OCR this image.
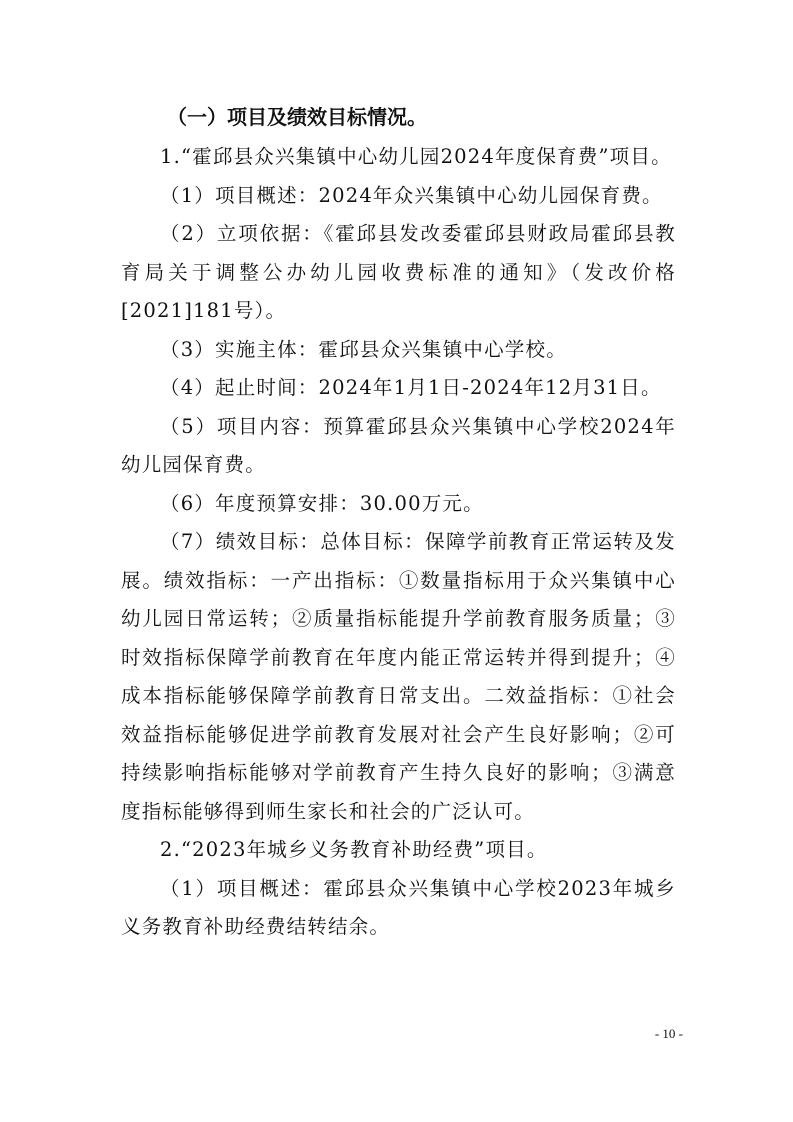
（一）项目及绩效目标情况。

1.“霍邱县众兴集镇中心幼儿园2024年度保育费”项目。

（1）项目概述：2024年众兴集镇中心幼儿园保育费。

（2）立项依据：《霍邱县发改委霍邱县财政局霍邱县教育局关于调整公办幼儿园收费标准的通知》（发改价格[2021]181号）。

（3）实施主体：霍邱县众兴集镇中心学校。

（4）起止时间：2024年1月1日-2024年12月31日。

（5）项目内容：预算霍邱县众兴集镇中心学校2024年幼儿园保育费。

（6）年度预算安排：30.00万元。

（7）绩效目标：总体目标：保障学前教育正常运转及发展。绩效指标：一产出指标：①数量指标用于众兴集镇中心幼儿园日常运转；②质量指标能提升学前教育服务质量；③时效指标保障学前教育在年度内能正常运转并得到提升；④成本指标能够保障学前教育日常支出。二效益指标：①社会效益指标能够促进学前教育发展对社会产生良好影响；②可持续影响指标能够对学前教育产生持久良好的影响；③满意度指标能够得到师生家长和社会的广泛认可。

2.“2023年城乡义务教育补助经费”项目。

（1）项目概述：霍邱县众兴集镇中心学校2023年城乡义务教育补助经费结转结余。

- 10 -
